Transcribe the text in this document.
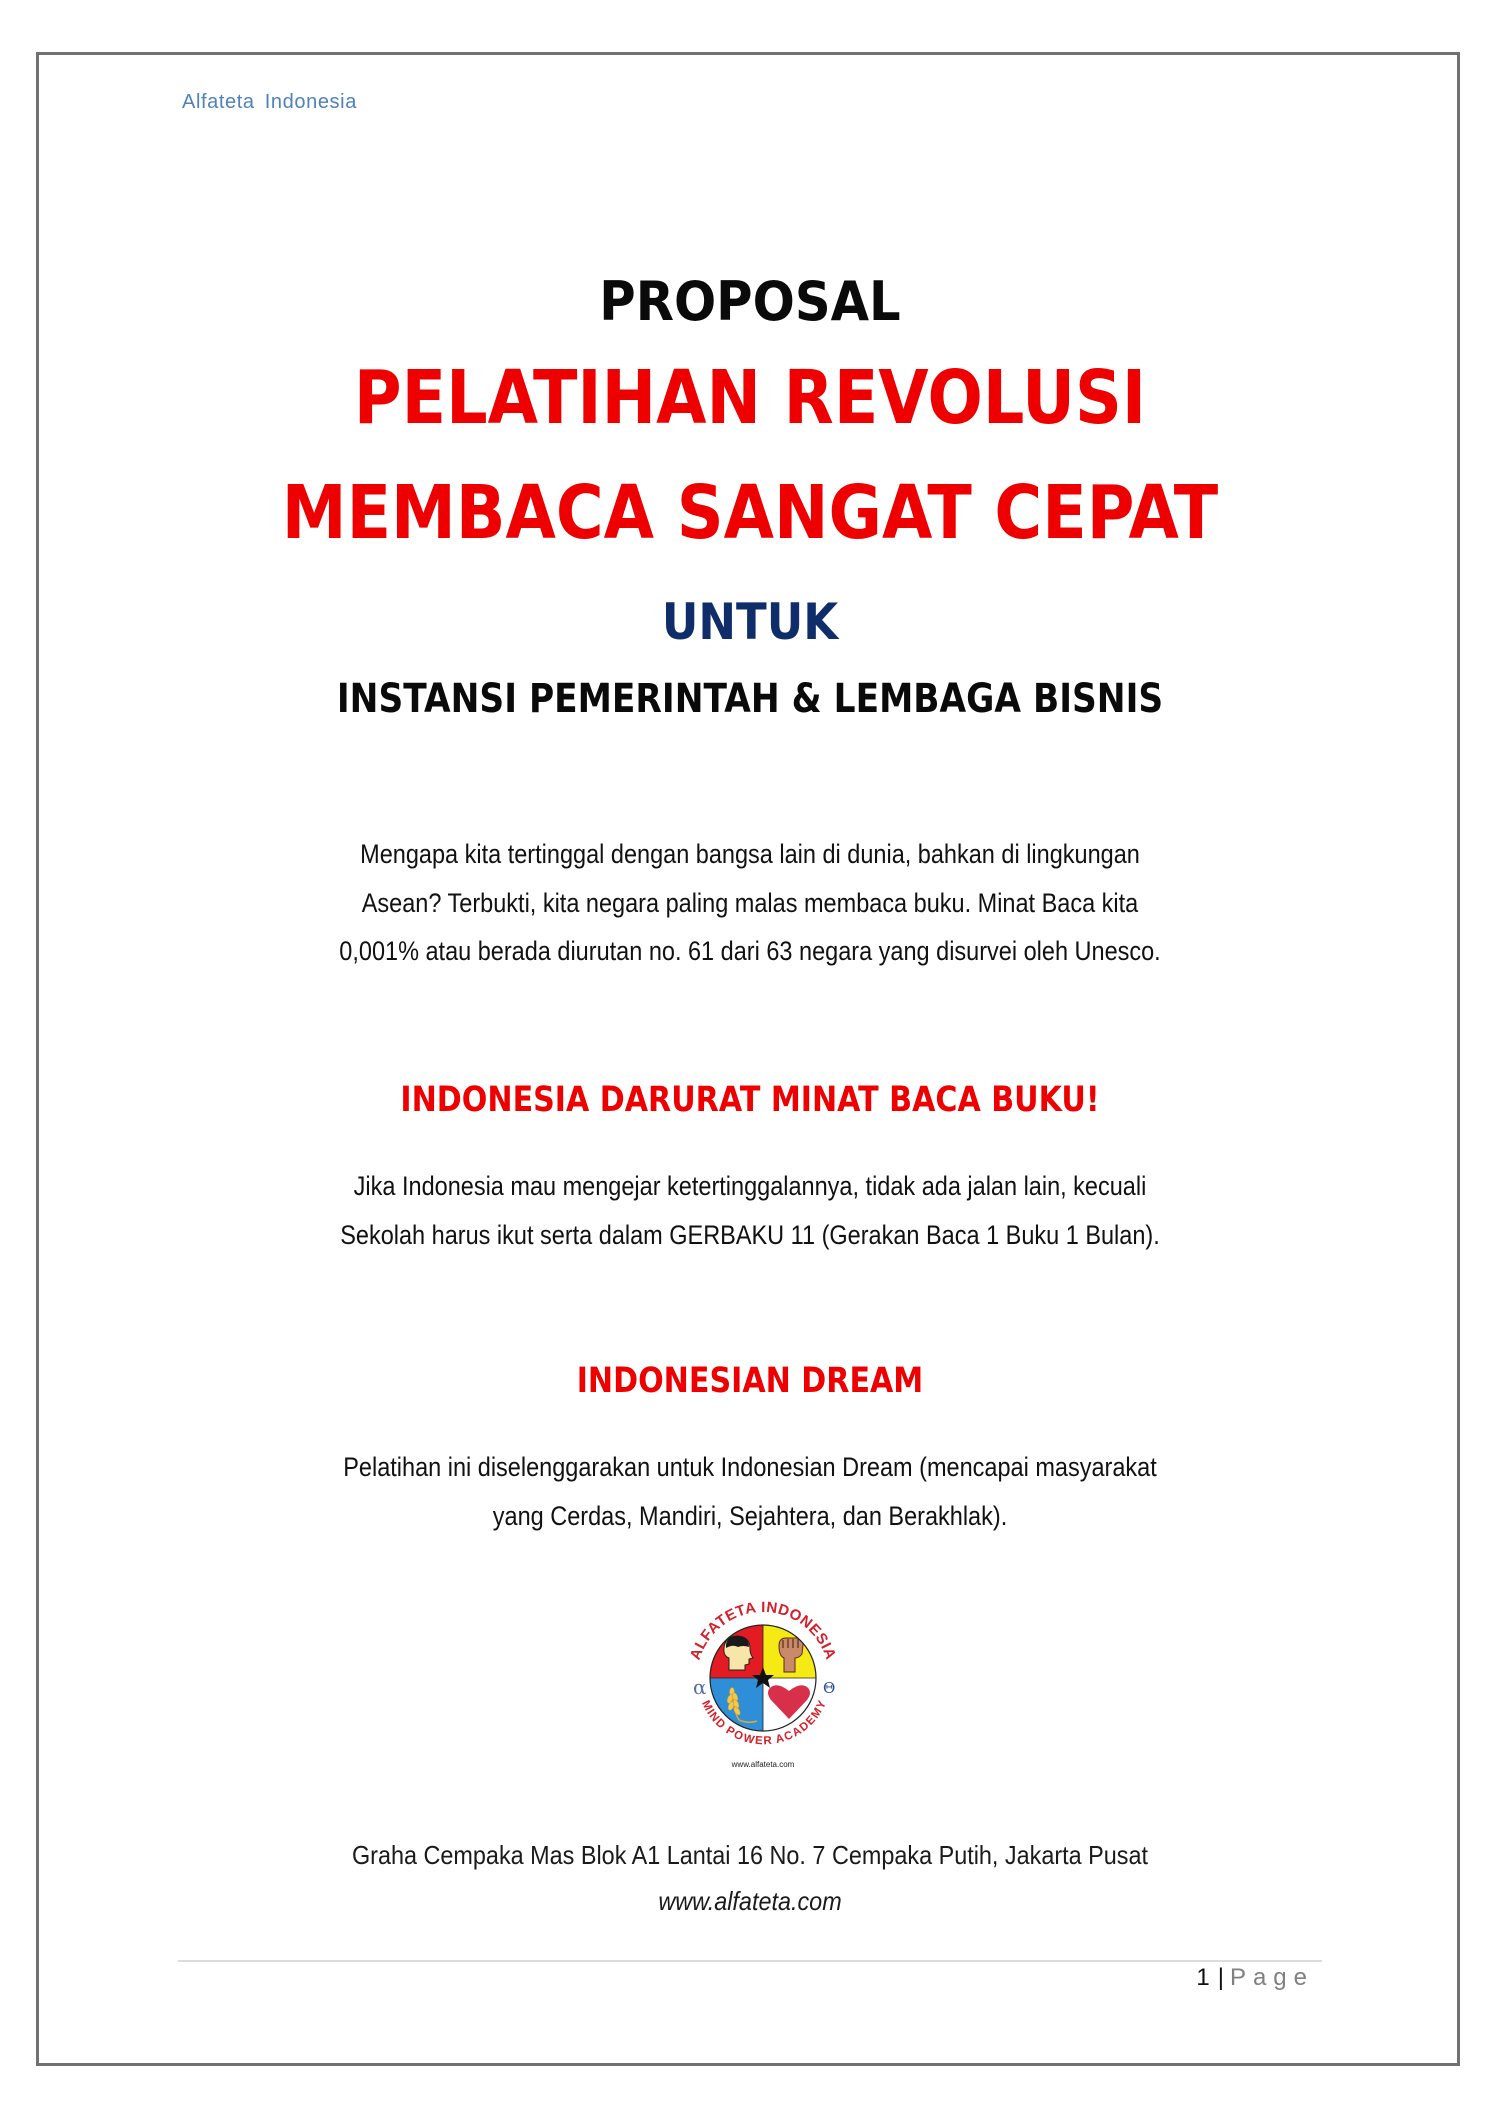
Alfateta Indonesia
PROPOSAL
PELATIHAN REVOLUSI
MEMBACA SANGAT CEPAT
UNTUK
INSTANSI PEMERINTAH & LEMBAGA BISNIS
Mengapa kita tertinggal dengan bangsa lain di dunia, bahkan di lingkungan
Asean? Terbukti, kita negara paling malas membaca buku. Minat Baca kita
0,001% atau berada diurutan no. 61 dari 63 negara yang disurvei oleh Unesco.
INDONESIA DARURAT MINAT BACA BUKU!
Jika Indonesia mau mengejar ketertinggalannya, tidak ada jalan lain, kecuali
Sekolah harus ikut serta dalam GERBAKU 11 (Gerakan Baca 1 Buku 1 Bulan).
INDONESIAN DREAM
Pelatihan ini diselenggarakan untuk Indonesian Dream (mencapai masyarakat
yang Cerdas, Mandiri, Sejahtera, dan Berakhlak).
ALFATETA INDONESIA
MIND POWER ACADEMY
α	Θ
www.alfateta.com
Graha Cempaka Mas Blok A1 Lantai 16 No. 7 Cempaka Putih, Jakarta Pusat
www.alfateta.com
1 | Page
